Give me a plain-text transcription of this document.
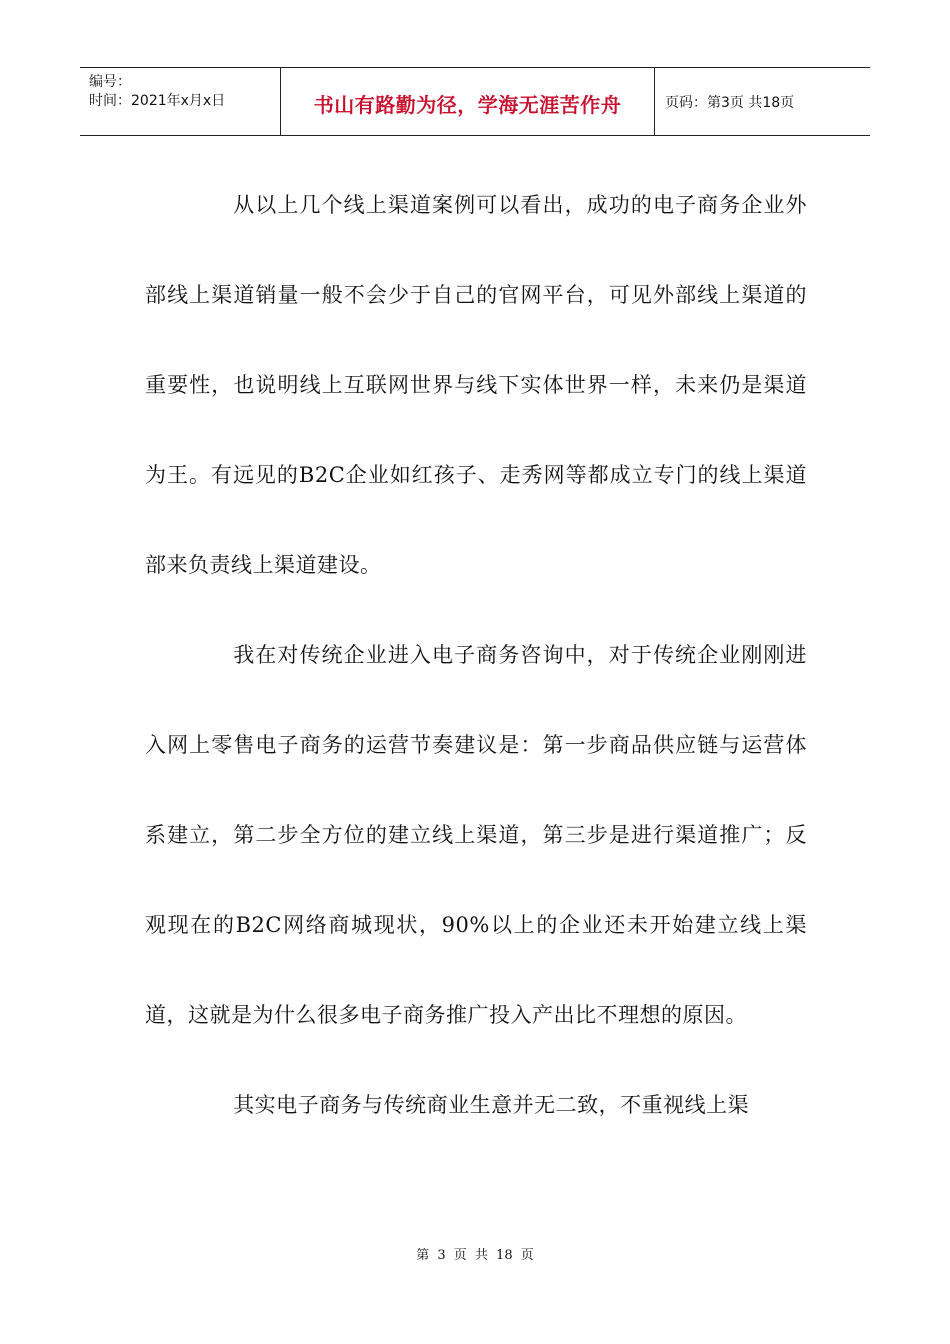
编号：
时间：2021年x月x日	书山有路勤为径，学海无涯苦作舟	页码：第3页 共18页

从以上几个线上渠道案例可以看出，成功的电子商务企业外部线上渠道销量一般不会少于自己的官网平台，可见外部线上渠道的重要性，也说明线上互联网世界与线下实体世界一样，未来仍是渠道为王。有远见的B2C企业如红孩子、走秀网等都成立专门的线上渠道部来负责线上渠道建设。

我在对传统企业进入电子商务咨询中，对于传统企业刚刚进入网上零售电子商务的运营节奏建议是：第一步商品供应链与运营体系建立，第二步全方位的建立线上渠道，第三步是进行渠道推广；反观现在的B2C网络商城现状，90%以上的企业还未开始建立线上渠道，这就是为什么很多电子商务推广投入产出比不理想的原因。

其实电子商务与传统商业生意并无二致，不重视线上渠

第 3 页 共 18 页
